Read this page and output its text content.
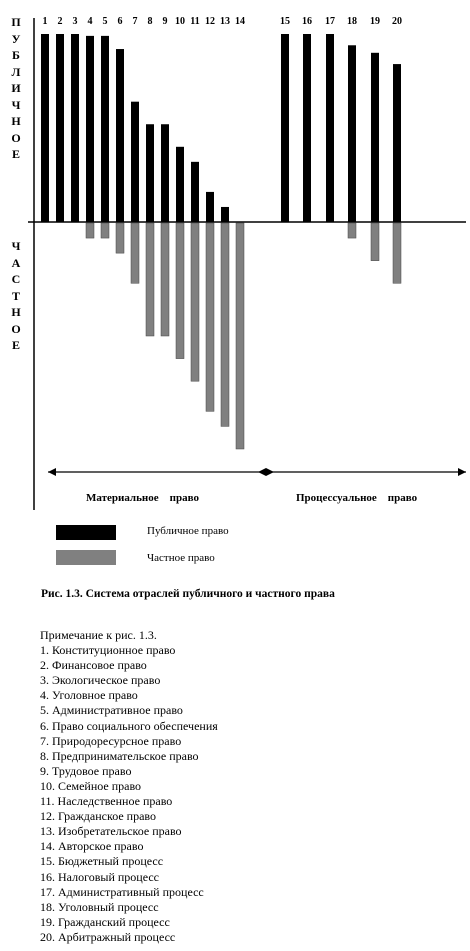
1 2 3 4 5 6 7 8 9 10 11 12 13 14	15 16 17 18 19 20
П
У
Б
Л
И
Ч
Н
О
Е
Ч
А
С
Т
Н
О
Е
Материальное    право	Процессуальное    право
Публичное право
Частное право
Рис. 1.3. Система отраслей публичного и частного права
Примечание к рис. 1.3.
1. Конституционное право
2. Финансовое право
3. Экологическое право
4. Уголовное право
5. Административное право
6. Право социального обеспечения
7. Природоресурсное право
8. Предпринимательское право
9. Трудовое право
10. Семейное право
11. Наследственное право
12. Гражданское право
13. Изобретательское право
14. Авторское право
15. Бюджетный процесс
16. Налоговый процесс
17. Административный процесс
18. Уголовный процесс
19. Гражданский процесс
20. Арбитражный процесс
